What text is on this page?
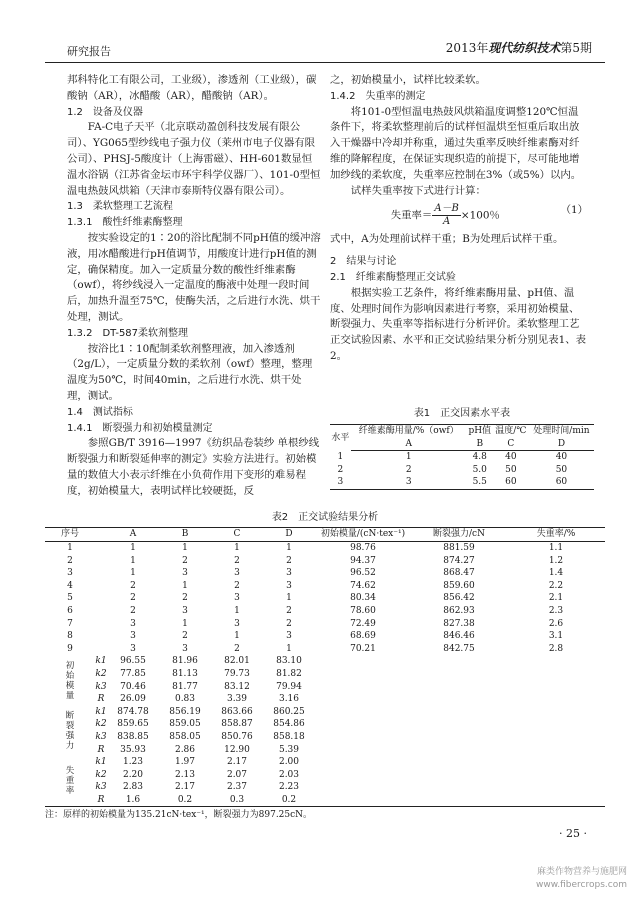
研究报告	2013年现代纺织技术第5期

邦科特化工有限公司，工业级），渗透剂（工业级），碳酸钠（AR），冰醋酸（AR），醋酸钠（AR）。

1.2　设备及仪器

FA-C电子天平（北京联动盈创科技发展有限公司）、YG065型纱线电子强力仪（莱州市电子仪器有限公司）、PHSJ-5酸度计（上海雷磁）、HH-601数显恒温水浴锅（江苏省金坛市环宇科学仪器厂）、101-0型恒温电热鼓风烘箱（天津市泰斯特仪器有限公司）。

1.3　柔软整理工艺流程

1.3.1　酸性纤维素酶整理

按实验设定的1∶20的浴比配制不同pH值的缓冲溶液，用冰醋酸进行pH值调节，用酸度计进行pH值的测定，确保精度。加入一定质量分数的酸性纤维素酶（owf），将纱线浸入一定温度的酶液中处理一段时间后，加热升温至75℃，使酶失活，之后进行水洗、烘干处理，测试。

1.3.2　DT-587柔软剂整理

按浴比1∶10配制柔软剂整理液，加入渗透剂（2g/L），一定质量分数的柔软剂（owf）整理，整理温度为50℃，时间40min，之后进行水洗、烘干处理，测试。

1.4　测试指标

1.4.1　断裂强力和初始模量测定

参照GB/T 3916—1997《纺织品卷装纱 单根纱线断裂强力和断裂延伸率的测定》实验方法进行。初始模量的数值大小表示纤维在小负荷作用下变形的难易程度，初始模量大，表明试样比较硬挺，反

之，初始模量小，试样比较柔软。

1.4.2　失重率的测定

将101-0型恒温电热鼓风烘箱温度调整120℃恒温条件下，将柔软整理前后的试样恒温烘至恒重后取出放入干燥器中冷却并称重，通过失重率反映纤维素酶对纤维的降解程度，在保证实现织造的前提下，尽可能地增加纱线的柔软度，失重率应控制在3%（或5%）以内。

试样失重率按下式进行计算：

失重率＝ $\frac{A-B}{A} \times 100$％	（1）

式中，A为处理前试样干重；B为处理后试样干重。

2　结果与讨论

2.1　纤维素酶整理正交试验

根据实验工艺条件，将纤维素酶用量、pH值、温度、处理时间作为影响因素进行考察，采用初始模量、断裂强力、失重率等指标进行分析评价。柔软整理工艺正交试验因素、水平和正交试验结果分析分别见表1、表2。

表1　正交因素水平表
水平	纤维素酶用量/%（owf）	pH值	温度/℃	处理时间/min
	A	B	C	D
1	1	4.8	40	40
2	2	5.0	50	50
3	3	5.5	60	60
表2　正交试验结果分析
序号		A	B	C	D	初始模量/(cN·tex⁻¹)	断裂强力/cN	失重率/%
1		1	1	1	1	98.76	881.59	1.1
2		1	2	2	2	94.37	874.27	1.2
3		1	3	3	3	96.52	868.47	1.4
4		2	1	2	3	74.62	859.60	2.2
5		2	2	3	1	80.34	856.42	2.1
6		2	3	1	2	78.60	862.93	2.3
7		3	1	3	2	72.49	827.38	2.6
8		3	2	1	3	68.69	846.46	3.1
9		3	3	2	1	70.21	842.75	2.8

初
始
模
量	k1	96.55	81.96	82.01	83.10			
	k2	77.85	81.13	79.73	81.82			
	k3	70.46	81.77	83.12	79.94			
	R	26.09	0.83	3.39	3.16			

断
裂
强
力	k1	874.78	856.19	863.66	860.25			
	k2	859.65	859.05	858.87	854.86			
	k3	838.85	858.05	850.76	858.18			
	R	35.93	2.86	12.90	5.39			

失
重
率	k1	1.23	1.97	2.17	2.00			
	k2	2.20	2.13	2.07	2.03			
	k3	2.83	2.17	2.37	2.23			
	R	1.6	0.2	0.3	0.2			
注：原样的初始模量为135.21cN·tex⁻¹，断裂强力为897.25cN。
· 25 ·
麻类作物营养与施肥网
www.fibercrops.com
